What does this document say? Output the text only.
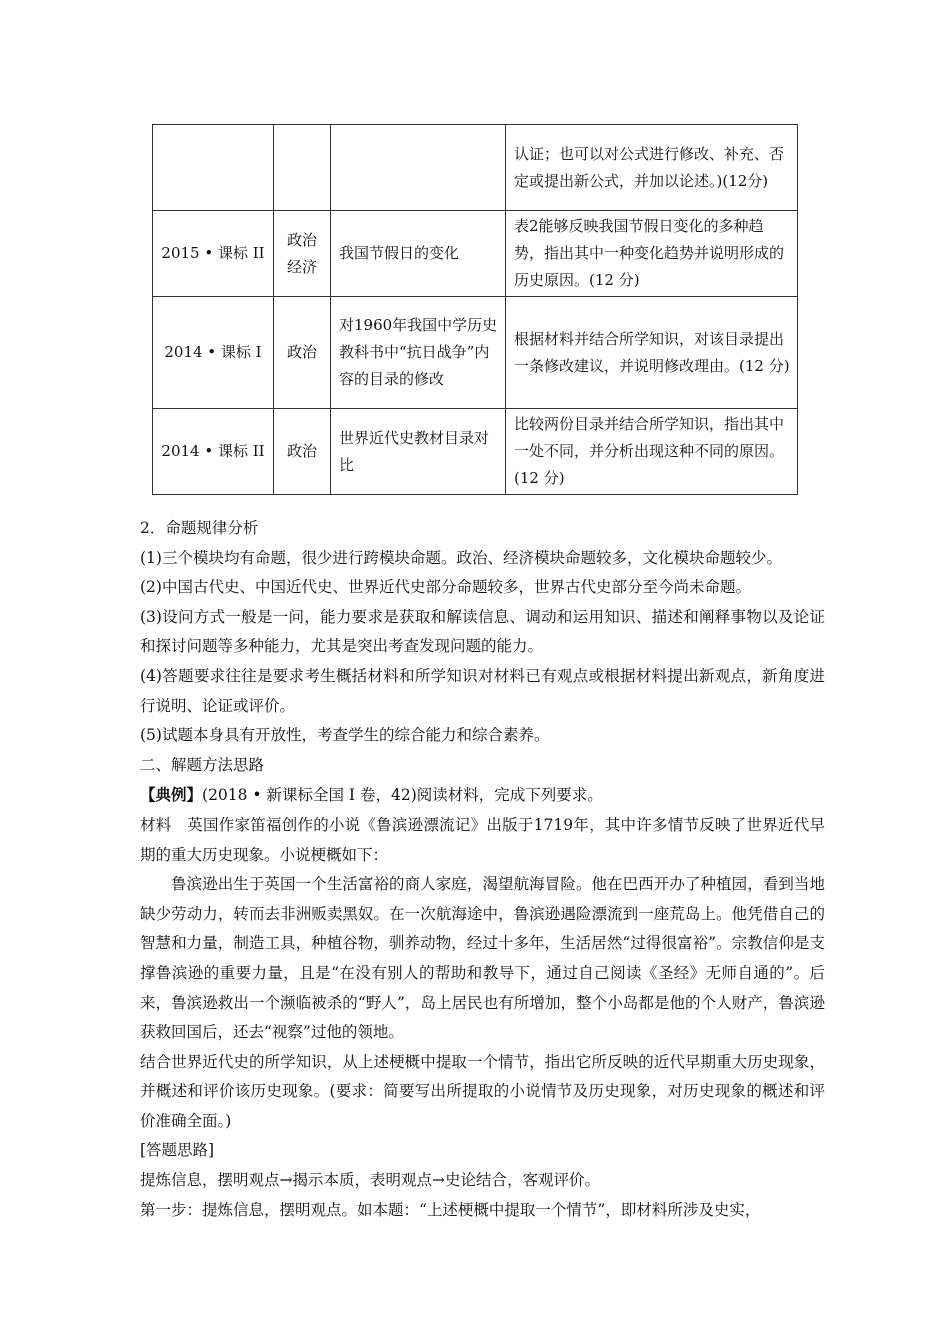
			认证；也可以对公式进行修改、补充、否定或提出新公式，并加以论述。)(12分)

2015 • 课标 II	政治经济	我国节假日的变化	表2能够反映我国节假日变化的多种趋势，指出其中一种变化趋势并说明形成的历史原因。(12 分)

2014 • 课标 I	政治	对1960年我国中学历史教科书中“抗日战争”内容的目录的修改	根据材料并结合所学知识，对该目录提出一条修改建议，并说明修改理由。(12 分)

2014 • 课标 II	政治	世界近代史教材目录对比	比较两份目录并结合所学知识，指出其中一处不同，并分析出现这种不同的原因。(12 分)
2．命题规律分析
(1)三个模块均有命题，很少进行跨模块命题。政治、经济模块命题较多，文化模块命题较少。
(2)中国古代史、中国近代史、世界近代史部分命题较多，世界古代史部分至今尚未命题。
(3)设问方式一般是一问，能力要求是获取和解读信息、调动和运用知识、描述和阐释事物以及论证和探讨问题等多种能力，尤其是突出考查发现问题的能力。
(4)答题要求往往是要求考生概括材料和所学知识对材料已有观点或根据材料提出新观点，新角度进行说明、论证或评价。
(5)试题本身具有开放性，考查学生的综合能力和综合素养。
二、解题方法思路
【典例】(2018 • 新课标全国 I 卷，42)阅读材料，完成下列要求。
材料　英国作家笛福创作的小说《鲁滨逊漂流记》出版于1719年，其中许多情节反映了世界近代早期的重大历史现象。小说梗概如下：
鲁滨逊出生于英国一个生活富裕的商人家庭，渴望航海冒险。他在巴西开办了种植园，看到当地缺少劳动力，转而去非洲贩卖黑奴。在一次航海途中，鲁滨逊遇险漂流到一座荒岛上。他凭借自己的智慧和力量，制造工具，种植谷物，驯养动物，经过十多年，生活居然“过得很富裕”。宗教信仰是支撑鲁滨逊的重要力量，且是“在没有别人的帮助和教导下，通过自己阅读《圣经》无师自通的”。后来，鲁滨逊救出一个濒临被杀的“野人”，岛上居民也有所增加，整个小岛都是他的个人财产，鲁滨逊获救回国后，还去“视察”过他的领地。
结合世界近代史的所学知识，从上述梗概中提取一个情节，指出它所反映的近代早期重大历史现象，并概述和评价该历史现象。(要求：简要写出所提取的小说情节及历史现象，对历史现象的概述和评价准确全面。)
[答题思路]
提炼信息，摆明观点→揭示本质，表明观点→史论结合，客观评价。
第一步：提炼信息，摆明观点。如本题：“上述梗概中提取一个情节”，即材料所涉及史实，
